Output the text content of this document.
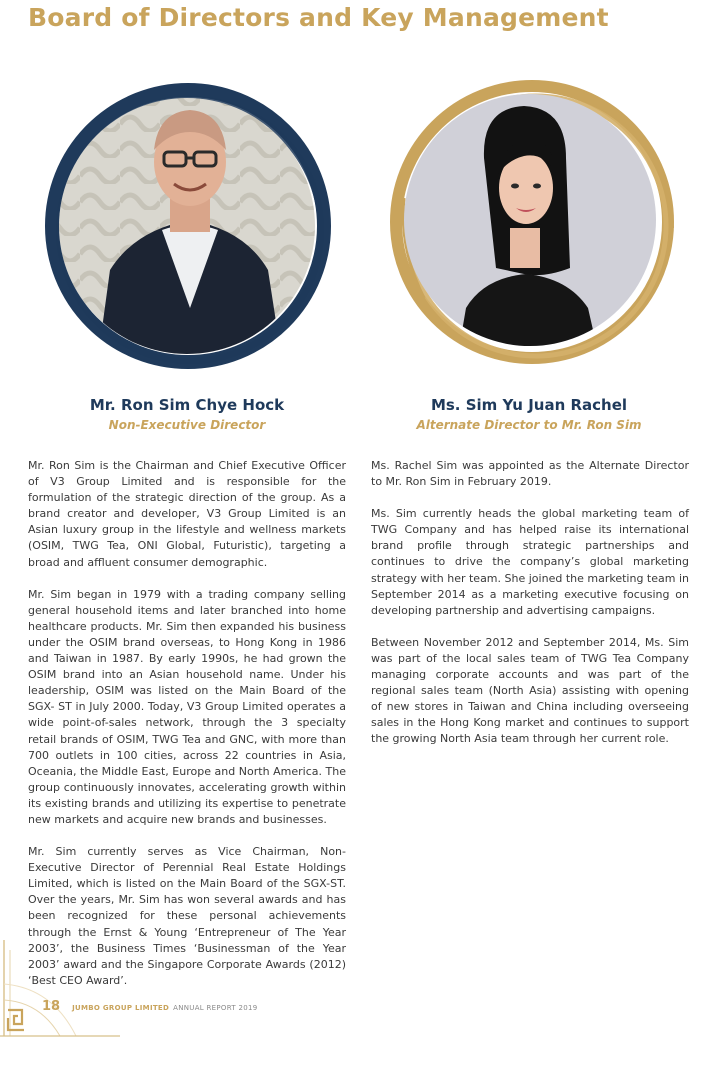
Board of Directors and Key Management
Mr. Ron Sim Chye Hock

Non-Executive Director

Ms. Sim Yu Juan Rachel

Alternate Director to Mr. Ron Sim

Mr. Ron Sim is the Chairman and Chief Executive Officer of V3 Group Limited and is responsible for the formulation of the strategic direction of the group. As a brand creator and developer, V3 Group Limited is an Asian luxury group in the lifestyle and wellness markets (OSIM, TWG Tea, ONI Global, Futuristic), targeting a broad and affluent consumer demographic.

Mr. Sim began in 1979 with a trading company selling general household items and later branched into home healthcare products. Mr. Sim then expanded his business under the OSIM brand overseas, to Hong Kong in 1986 and Taiwan in 1987. By early 1990s, he had grown the OSIM brand into an Asian household name. Under his leadership, OSIM was listed on the Main Board of the SGX- ST in July 2000. Today, V3 Group Limited operates a wide point-of-sales network, through the 3 specialty retail brands of OSIM, TWG Tea and GNC, with more than 700 outlets in 100 cities, across 22 countries in Asia, Oceania, the Middle East, Europe and North America. The group continuously innovates, accelerating growth within its existing brands and utilizing its expertise to penetrate new markets and acquire new brands and businesses.

Mr. Sim currently serves as Vice Chairman, Non-Executive Director of Perennial Real Estate Holdings Limited, which is listed on the Main Board of the SGX-ST. Over the years, Mr. Sim has won several awards and has been recognized for these personal achievements through the Ernst & Young ‘Entrepreneur of The Year 2003’, the Business Times ‘Businessman of the Year 2003’ award and the Singapore Corporate Awards (2012) ‘Best CEO Award’.

Ms. Rachel Sim was appointed as the Alternate Director to Mr. Ron Sim in February 2019.

Ms. Sim currently heads the global marketing team of TWG Company and has helped raise its international brand profile through strategic partnerships and continues to drive the company’s global marketing strategy with her team. She joined the marketing team in September 2014 as a marketing executive focusing on developing partnership and advertising campaigns.

Between November 2012 and September 2014, Ms. Sim was part of the local sales team of TWG Tea Company managing corporate accounts and was part of the regional sales team (North Asia) assisting with opening of new stores in Taiwan and China including overseeing sales in the Hong Kong market and continues to support the growing North Asia team through her current role.

18 JUMBO GROUP LIMITED ANNUAL REPORT 2019
